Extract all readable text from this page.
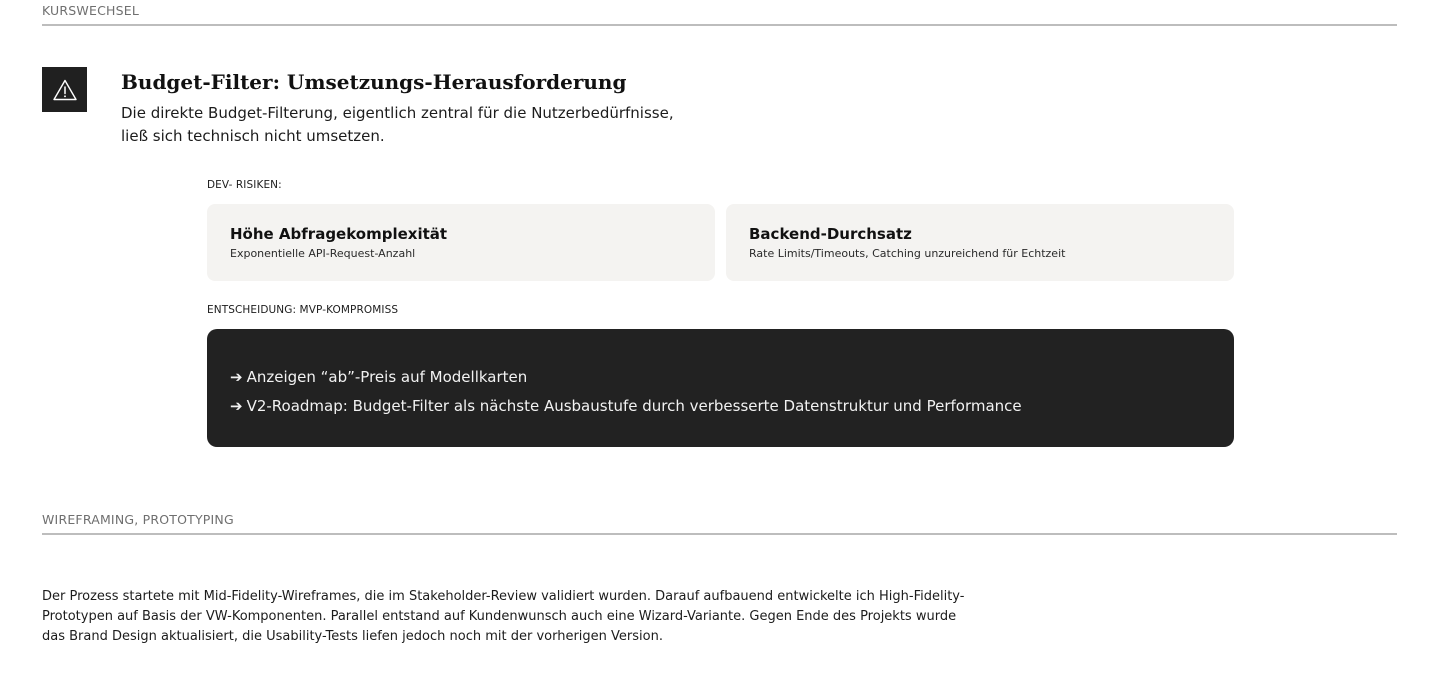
KURSWECHSEL
Budget-Filter: Umsetzungs-Herausforderung
Die direkte Budget-Filterung, eigentlich zentral für die Nutzerbedürfnisse,
ließ sich technisch nicht umsetzen.
DEV- RISIKEN:
Höhe Abfragekomplexität
Exponentielle API-Request-Anzahl
Backend-Durchsatz
Rate Limits/Timeouts, Catching unzureichend für Echtzeit
ENTSCHEIDUNG: MVP-KOMPROMISS
➔ Anzeigen “ab”-Preis auf Modellkarten
➔ V2-Roadmap: Budget-Filter als nächste Ausbaustufe durch verbesserte Datenstruktur und Performance
WIREFRAMING, PROTOTYPING
Der Prozess startete mit Mid-Fidelity-Wireframes, die im Stakeholder-Review validiert wurden. Darauf aufbauend entwickelte ich High-Fidelity-
Prototypen auf Basis der VW-Komponenten. Parallel entstand auf Kundenwunsch auch eine Wizard-Variante. Gegen Ende des Projekts wurde
das Brand Design aktualisiert, die Usability-Tests liefen jedoch noch mit der vorherigen Version.
